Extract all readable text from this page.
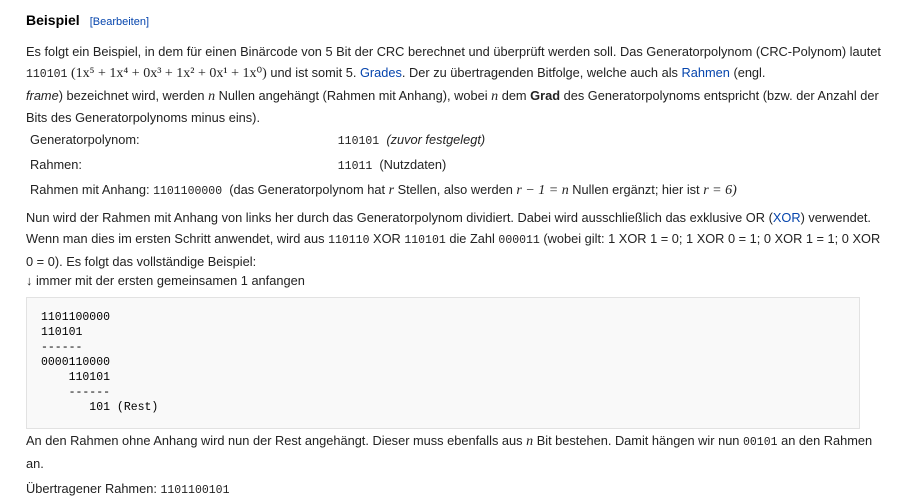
Beispiel [Bearbeiten]
Es folgt ein Beispiel, in dem für einen Binärcode von 5 Bit der CRC berechnet und überprüft werden soll. Das Generatorpolynom (CRC-Polynom) lautet
110101 (1x⁵ + 1x⁴ + 0x³ + 1x² + 0x¹ + 1x⁰) und ist somit 5. Grades. Der zu übertragenden Bitfolge, welche auch als Rahmen (engl.
frame) bezeichnet wird, werden n Nullen angehängt (Rahmen mit Anhang), wobei n dem Grad des Generatorpolynoms entspricht (bzw. der Anzahl der Bits des Generatorpolynoms minus eins).
Generatorpolynom:	110101 (zuvor festgelegt)
Rahmen:	11011 (Nutzdaten)
Rahmen mit Anhang: 1101100000 (das Generatorpolynom hat r Stellen, also werden r − 1 = n Nullen ergänzt; hier ist r = 6)	
Nun wird der Rahmen mit Anhang von links her durch das Generatorpolynom dividiert. Dabei wird ausschließlich das exklusive OR (XOR) verwendet. Wenn man dies im ersten Schritt anwendet, wird aus 110110 XOR 110101 die Zahl 000011 (wobei gilt: 1 XOR 1 = 0; 1 XOR 0 = 1; 0 XOR 1 = 1; 0 XOR 0 = 0). Es folgt das vollständige Beispiel:
↓ immer mit der ersten gemeinsamen 1 anfangen
1101100000
110101
------
0000110000
110101
------
101 (Rest)
An den Rahmen ohne Anhang wird nun der Rest angehängt. Dieser muss ebenfalls aus n Bit bestehen. Damit hängen wir nun 00101 an den Rahmen an.
Übertragener Rahmen: 1101100101
